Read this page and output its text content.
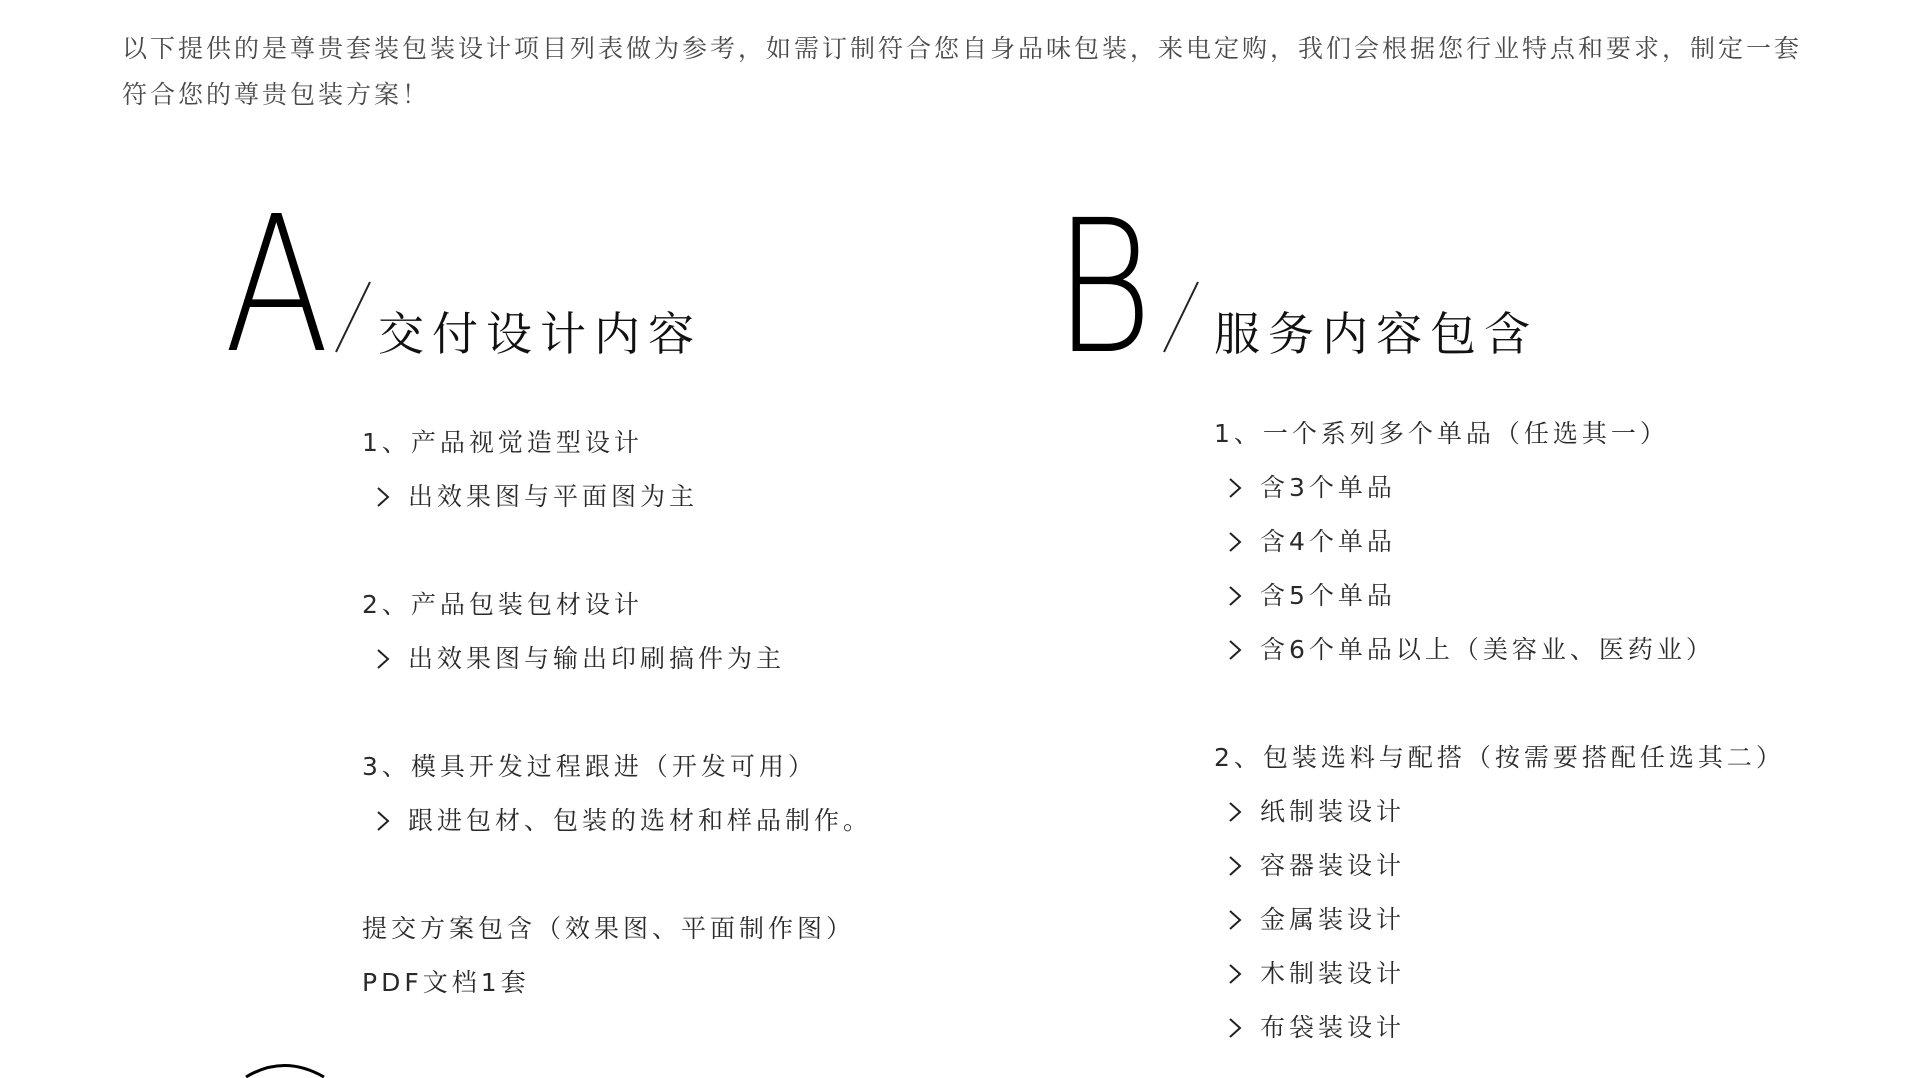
以下提供的是尊贵套装包装设计项目列表做为参考，如需订制符合您自身品味包装，来电定购，我们会根据您行业特点和要求，制定一套符合您的尊贵包装方案！
A 交付设计内容
1、产品视觉造型设计
出效果图与平面图为主
2、产品包装包材设计
出效果图与输出印刷搞件为主
3、模具开发过程跟进（开发可用）
跟进包材、包装的选材和样品制作。
提交方案包含（效果图、平面制作图）
PDF文档1套
B 服务内容包含
1、一个系列多个单品（任选其一）
含3个单品
含4个单品
含5个单品
含6个单品以上（美容业、医药业）
2、包装选料与配搭（按需要搭配任选其二）
纸制装设计
容器装设计
金属装设计
木制装设计
布袋装设计
